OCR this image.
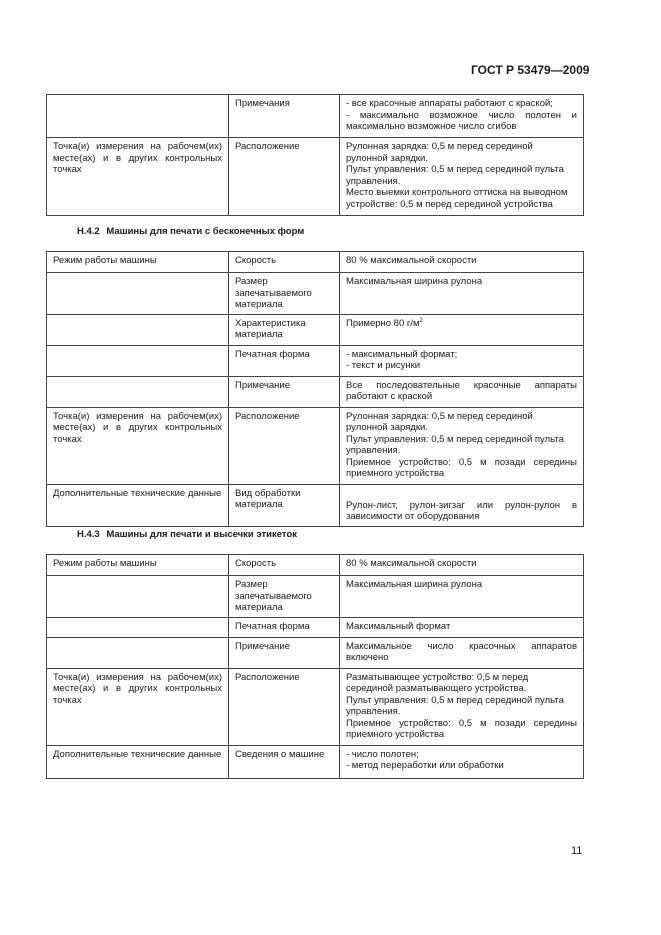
ГОСТ Р 53479—2009
	Примечания	- все красочные аппараты работают с краской;
- максимально возможное число полотен и максимально возможное число сгибов

Точка(и) измерения на рабочем(их) месте(ах) и в других контрольных точках	Расположение	Рулонная зарядка: 0,5 м перед серединой рулонной зарядки.
Пульт управления: 0,5 м перед серединой пульта управления.
Место выемки контрольного оттиска на выводном устройстве: 0,5 м перед серединой устройства
Н.4.2 Машины для печати с бесконечных форм
Режим работы машины	Скорость	80 % максимальной скорости
	Размер запечатываемого материала	Максимальная ширина рулона
	Характеристика материала	Примерно 80 $г/м^2$
	Печатная форма	- максимальный формат;
- текст и рисунки

	Примечание	Все последовательные красочные аппараты работают с краской
Точка(и) измерения на рабочем(их) месте(ах) и в других контрольных точках	Расположение	Рулонная зарядка: 0,5 м перед серединой рулонной зарядки.
Пульт управления: 0,5 м перед серединой пульта управления.
Приемное устройство: 0,5 м позади середины приемного устройства

Дополнительные технические данные	Вид обработки материала	Рулон-лист, рулон-зигзаг или рулон-рулон в зависимости от оборудования
Н.4.3 Машины для печати и высечки этикеток
Режим работы машины	Скорость	80 % максимальной скорости
	Размер запечатываемого материала	Максимальная ширина рулона
	Печатная форма	Максимальный формат
	Примечание	Максимальное число красочных аппаратов включено
Точка(и) измерения на рабочем(их) месте(ах) и в других контрольных точках	Расположение	Разматывающее устройство: 0,5 м перед серединой разматывающего устройства.
Пульт управления: 0,5 м перед серединой пульта управления.
Приемное устройство: 0,5 м позади середины приемного устройства

Дополнительные технические данные	Сведения о машине	- число полотен;
- метод переработки или обработки
11
